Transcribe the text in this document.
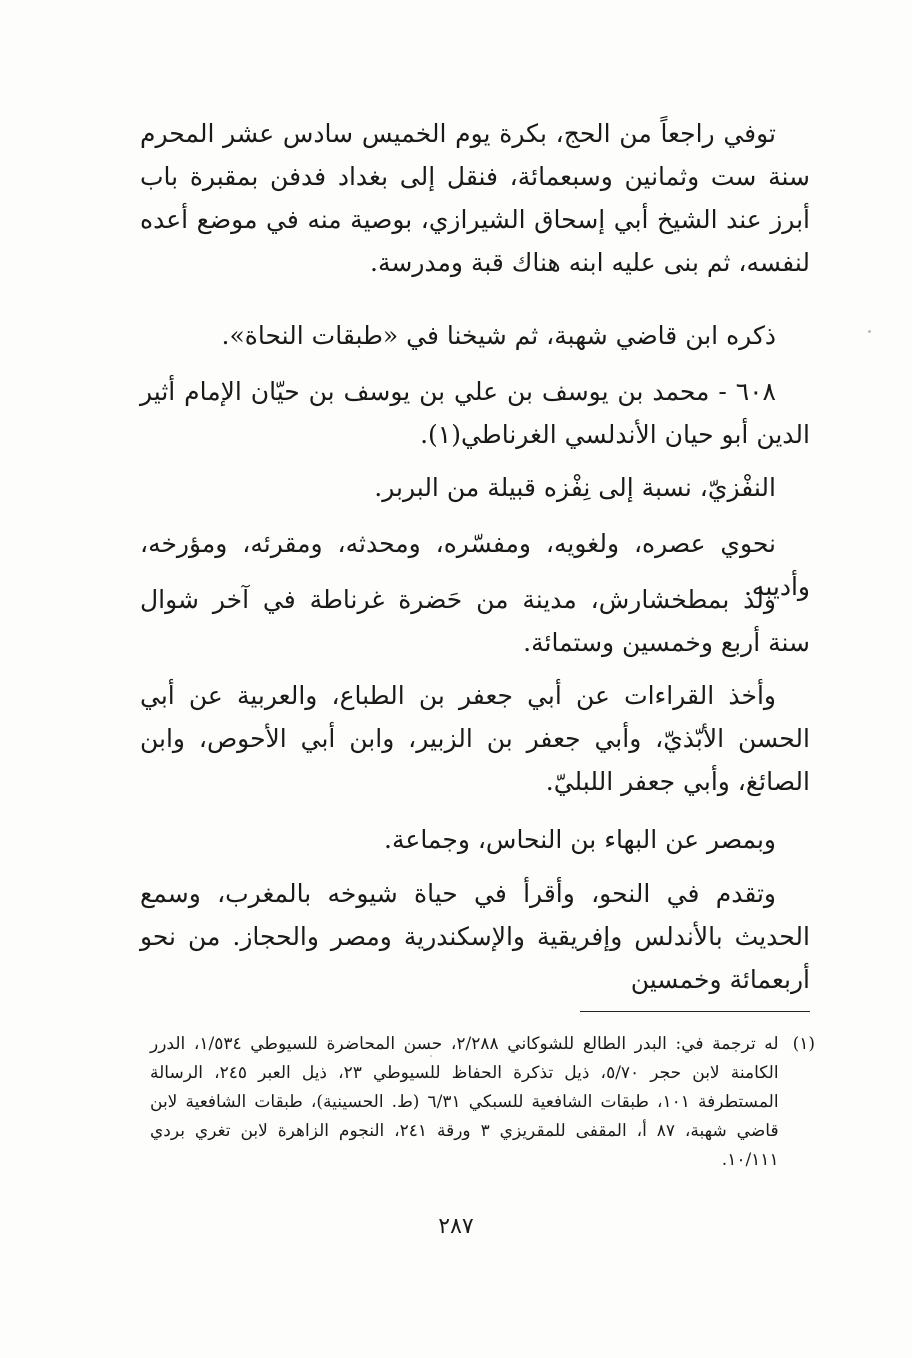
توفي راجعاً من الحج، بكرة يوم الخميس سادس عشر المحرم سنة ست وثمانين وسبعمائة، فنقل إلى بغداد فدفن بمقبرة باب أبرز عند الشيخ أبي إسحاق الشيرازي، بوصية منه في موضع أعده لنفسه، ثم بنى عليه ابنه هناك قبة ومدرسة.

ذكره ابن قاضي شهبة، ثم شيخنا في «طبقات النحاة».

٦٠٨ - محمد بن يوسف بن علي بن يوسف بن حيّان الإمام أثير الدين أبو حيان الأندلسي الغرناطي(١).

النفْزيّ، نسبة إلى نِفْزه قبيلة من البربر.

نحوي عصره، ولغويه، ومفسّره، ومحدثه، ومقرئه، ومؤرخه، وأديبه.

ولد بمطخشارش، مدينة من حَضرة غرناطة في آخر شوال سنة أربع وخمسين وستمائة.

وأخذ القراءات عن أبي جعفر بن الطباع، والعربية عن أبي الحسن الأبّذيّ، وأبي جعفر بن الزبير، وابن أبي الأحوص، وابن الصائغ، وأبي جعفر اللبليّ.

وبمصر عن البهاء بن النحاس، وجماعة.

وتقدم في النحو، وأقرأ في حياة شيوخه بالمغرب، وسمع الحديث بالأندلس وإفريقية والإسكندرية ومصر والحجاز. من نحو أربعمائة وخمسين

(١)
له ترجمة في: البدر الطالع للشوكاني ٢/٢٨٨، حسن المحاضرة للسيوطي ١/٥٣٤، الدرر الكامنة لابن حجر ٥/٧٠، ذيل تذكرة الحفاظ للسيوطي ٢٣، ذيل العبر ٢٤٥، الرسالة المستطرفة ١٠١، طبقات الشافعية للسبكي ٦/٣١ (ط. الحسينية)، طبقات الشافعية لابن قاضي شهبة، ٨٧ أ، المقفى للمقريزي ٣ ورقة ٢٤١، النجوم الزاهرة لابن تغري بردي ١٠/١١١.
٢٨٧
